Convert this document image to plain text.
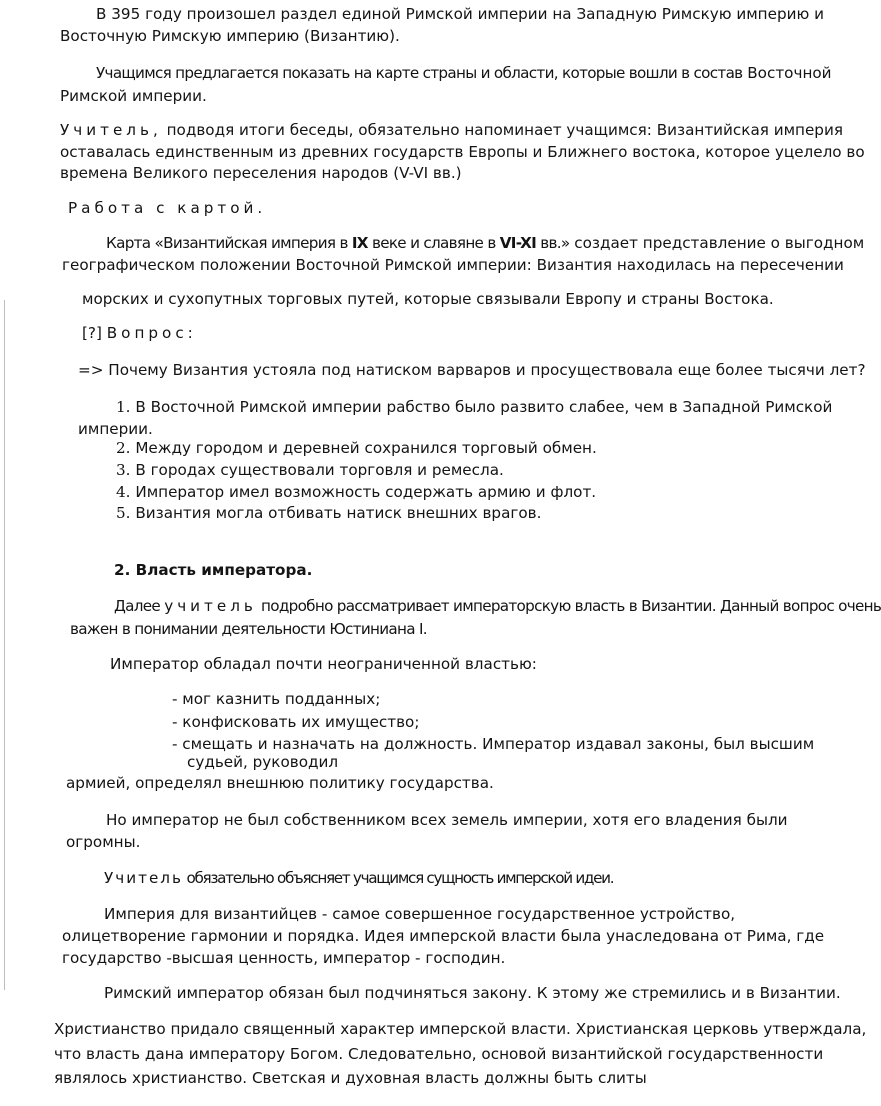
В 395 году произошел раздел единой Римской империи на Западную Римскую империю и
Восточную Римскую империю (Византию).
Учащимся предлагается показать на карте страны и области, которые вошли в состав Восточной
Римской империи.
Учитель, подводя итоги беседы, обязательно напоминает учащимся: Византийская империя
оставалась единственным из древних государств Европы и Ближнего востока, которое уцелело во
времена Великого переселения народов (V-VI вв.)
Работа с картой.
Карта «Византийская империя в IX веке и славяне в VI-XI вв.» создает представление о выгодном
географическом положении Восточной Римской империи: Византия находилась на пересечении
морских и сухопутных торговых путей, которые связывали Европу и страны Востока.
[?] Вопрос:
=> Почему Византия устояла под натиском варваров и просуществовала еще более тысячи лет?
1. В Восточной Римской империи рабство было развито слабее, чем в Западной Римской
империи.
2. Между городом и деревней сохранился торговый обмен.
3. В городах существовали торговля и ремесла.
4. Император имел возможность содержать армию и флот.
5. Византия могла отбивать натиск внешних врагов.
2. Власть императора.
Далее учитель подробно рассматривает императорскую власть в Византии. Данный вопрос очень
важен в понимании деятельности Юстиниана I.
Император обладал почти неограниченной властью:
- мог казнить подданных;
- конфисковать их имущество;
- смещать и назначать на должность. Император издавал законы, был высшим
судьей, руководил
армией, определял внешнюю политику государства.
Но император не был собственником всех земель империи, хотя его владения были
огромны.
Учитель обязательно объясняет учащимся сущность имперской идеи.
Империя для византийцев - самое совершенное государственное устройство,
олицетворение гармонии и порядка. Идея имперской власти была унаследована от Рима, где
государство -высшая ценность, император - господин.
Римский император обязан был подчиняться закону. К этому же стремились и в Византии.
Христианство придало священный характер имперской власти. Христианская церковь утверждала,
что власть дана императору Богом. Следовательно, основой византийской государственности
являлось христианство. Светская и духовная власть должны быть слиты
